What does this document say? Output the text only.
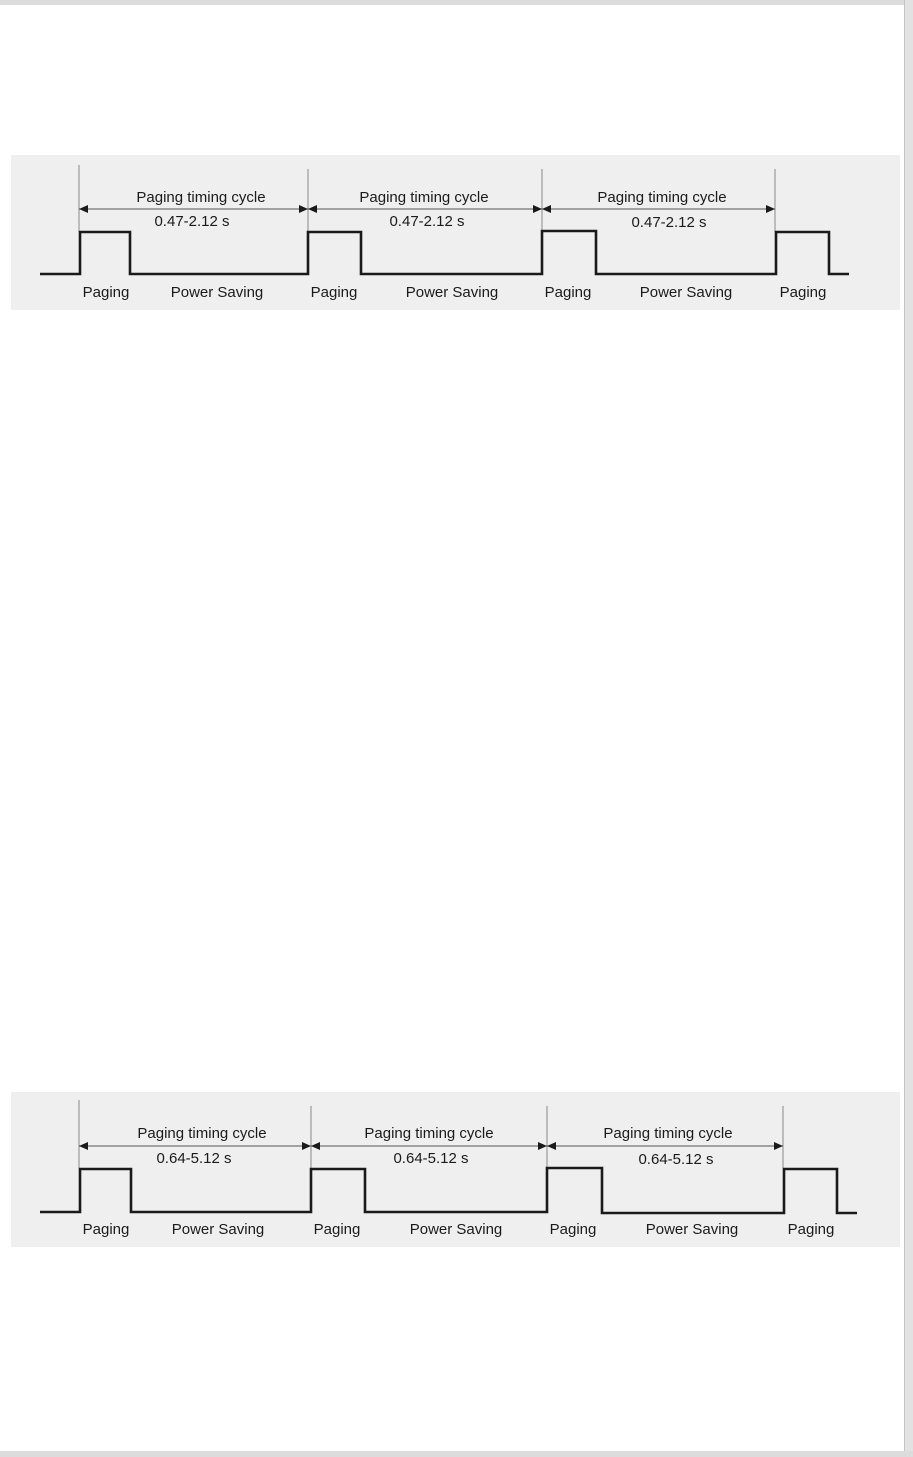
Paging timing cycle	Paging timing cycle	Paging timing cycle
0.47-2.12 s	0.47-2.12 s	0.47-2.12 s
Paging	Power Saving	Paging	Power Saving	Paging	Power Saving	Paging
Paging timing cycle	Paging timing cycle	Paging timing cycle
0.64-5.12 s	0.64-5.12 s	0.64-5.12 s
Paging	Power Saving	Paging	Power Saving	Paging	Power Saving	Paging
